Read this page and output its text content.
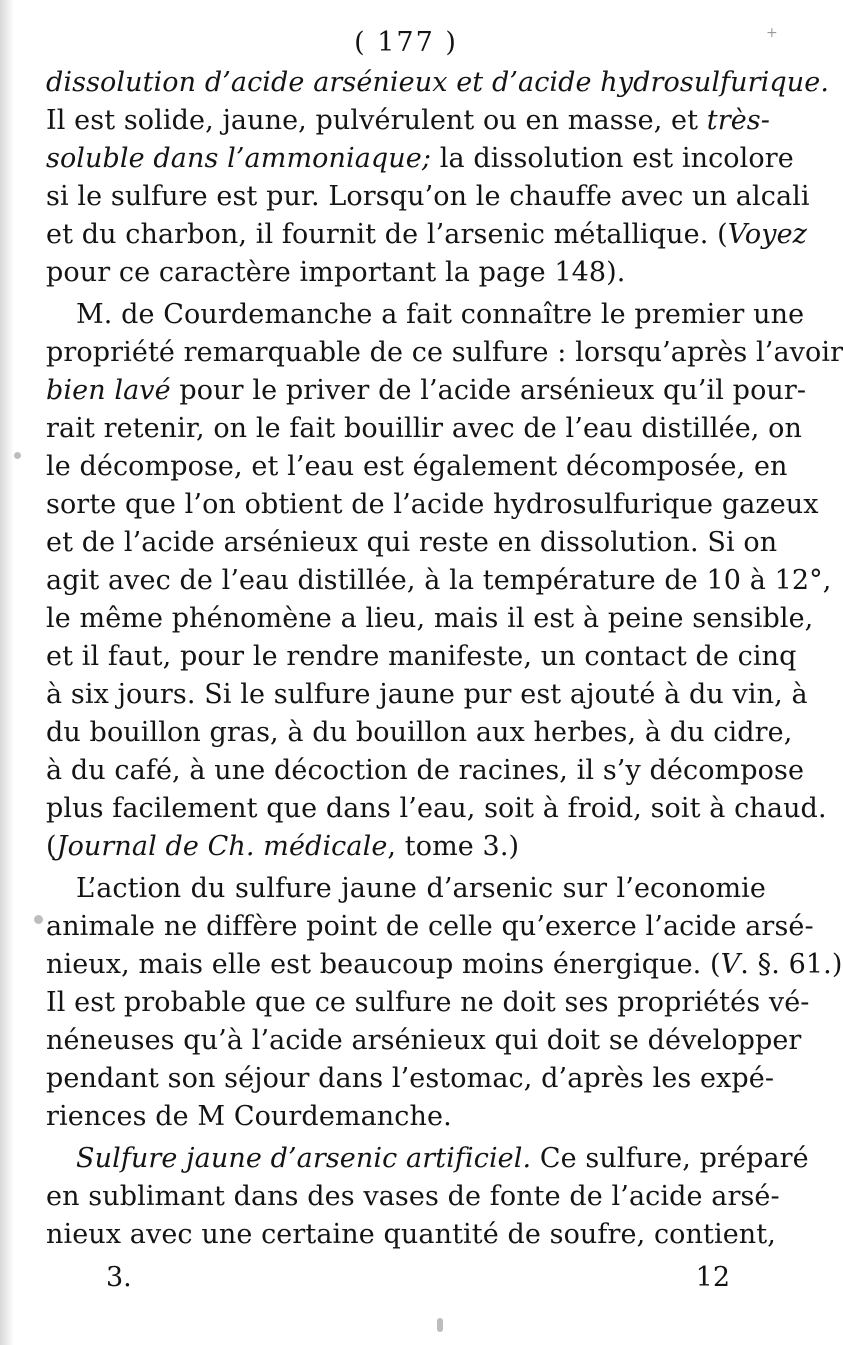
( 177 )
dissolution d’acide arsénieux et d’acide hydrosulfurique.
Il est solide, jaune, pulvérulent ou en masse, et très-
soluble dans l’ammoniaque; la dissolution est incolore
si le sulfure est pur. Lorsqu’on le chauffe avec un alcali
et du charbon, il fournit de l’arsenic métallique. (Voyez
pour ce caractère important la page 148).
M. de Courdemanche a fait connaître le premier une
propriété remarquable de ce sulfure : lorsqu’après l’avoir
bien lavé pour le priver de l’acide arsénieux qu’il pour-
rait retenir, on le fait bouillir avec de l’eau distillée, on
le décompose, et l’eau est également décomposée, en
sorte que l’on obtient de l’acide hydrosulfurique gazeux
et de l’acide arsénieux qui reste en dissolution. Si on
agit avec de l’eau distillée, à la température de 10 à 12°,
le même phénomène a lieu, mais il est à peine sensible,
et il faut, pour le rendre manifeste, un contact de cinq
à six jours. Si le sulfure jaune pur est ajouté à du vin, à
du bouillon gras, à du bouillon aux herbes, à du cidre,
à du café, à une décoction de racines, il s’y décompose
plus facilement que dans l’eau, soit à froid, soit à chaud.
(Journal de Ch. médicale, tome 3.)
L’action du sulfure jaune d’arsenic sur l’economie
animale ne diffère point de celle qu’exerce l’acide arsé-
nieux, mais elle est beaucoup moins énergique. (V. §. 61.)
Il est probable que ce sulfure ne doit ses propriétés vé-
néneuses qu’à l’acide arsénieux qui doit se développer
pendant son séjour dans l’estomac, d’après les expé-
riences de M Courdemanche.
Sulfure jaune d’arsenic artificiel. Ce sulfure, préparé
en sublimant dans des vases de fonte de l’acide arsé-
nieux avec une certaine quantité de soufre, contient,
3.	12
+
